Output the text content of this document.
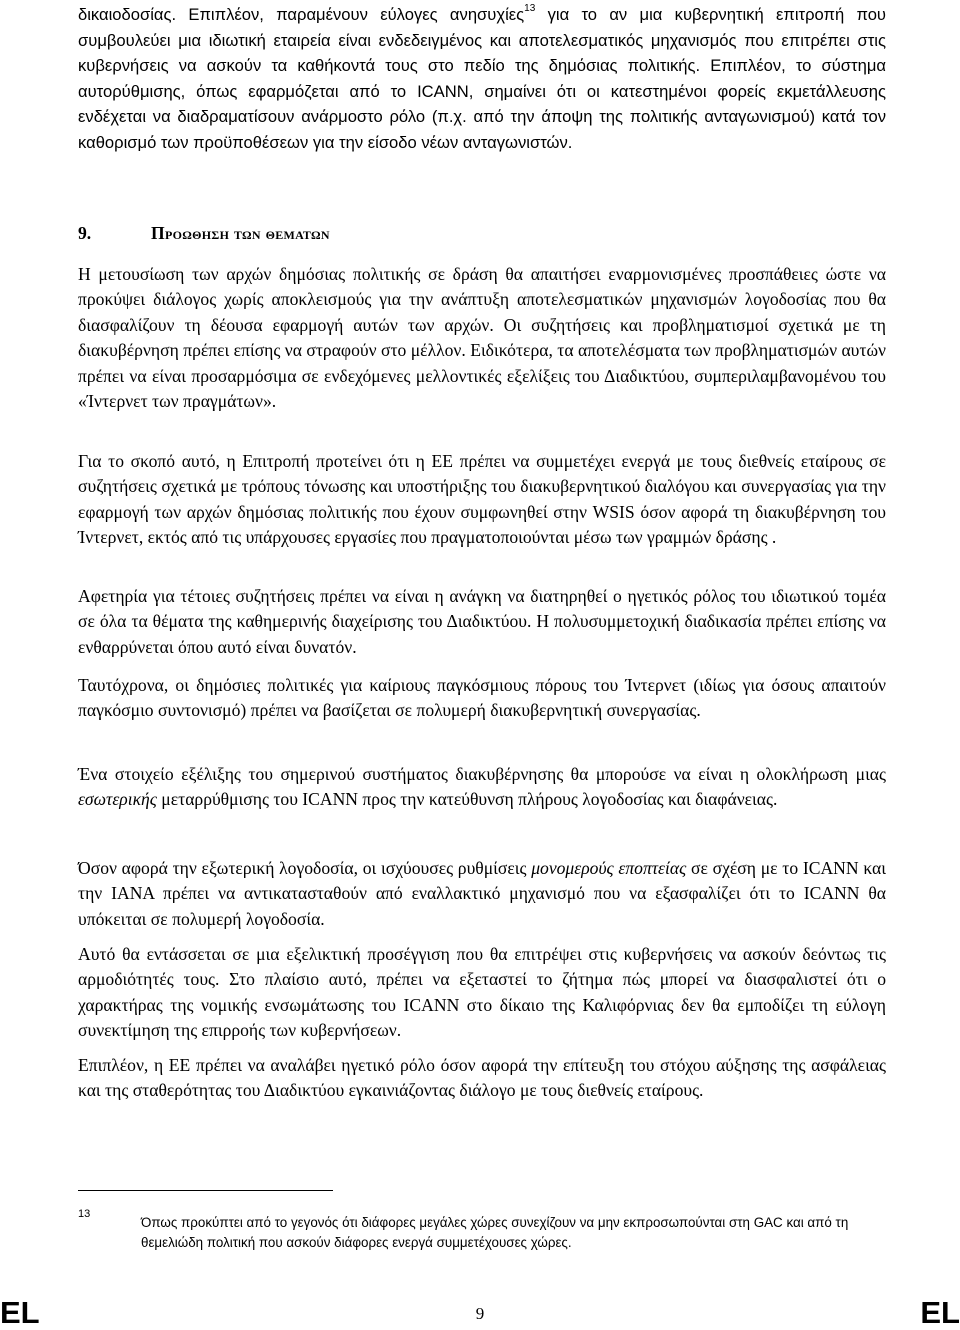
δικαιοδοσίας. Επιπλέον, παραμένουν εύλογες ανησυχίες$^{13}$ για το αν μια κυβερνητική επιτροπή που συμβουλεύει μια ιδιωτική εταιρεία είναι ενδεδειγμένος και αποτελεσματικός μηχανισμός που επιτρέπει στις κυβερνήσεις να ασκούν τα καθήκοντά τους στο πεδίο της δημόσιας πολιτικής. Επιπλέον, το σύστημα αυτορύθμισης, όπως εφαρμόζεται από το ICANN, σημαίνει ότι οι κατεστημένοι φορείς εκμετάλλευσης ενδέχεται να διαδραματίσουν ανάρμοστο ρόλο (π.χ. από την άποψη της πολιτικής ανταγωνισμού) κατά τον καθορισμό των προϋποθέσεων για την είσοδο νέων ανταγωνιστών.

9.	Προωθηση των θεματων

Η μετουσίωση των αρχών δημόσιας πολιτικής σε δράση θα απαιτήσει εναρμονισμένες προσπάθειες ώστε να προκύψει διάλογος χωρίς αποκλεισμούς για την ανάπτυξη αποτελεσματικών μηχανισμών λογοδοσίας που θα διασφαλίζουν τη δέουσα εφαρμογή αυτών των αρχών. Οι συζητήσεις και προβληματισμοί σχετικά με τη διακυβέρνηση πρέπει επίσης να στραφούν στο μέλλον. Ειδικότερα, τα αποτελέσματα των προβληματισμών αυτών πρέπει να είναι προσαρμόσιμα σε ενδεχόμενες μελλοντικές εξελίξεις του Διαδικτύου, συμπεριλαμβανομένου του «Ίντερνετ των πραγμάτων».

Για το σκοπό αυτό, η Επιτροπή προτείνει ότι η ΕΕ πρέπει να συμμετέχει ενεργά με τους διεθνείς εταίρους σε συζητήσεις σχετικά με τρόπους τόνωσης και υποστήριξης του διακυβερνητικού διαλόγου και συνεργασίας για την εφαρμογή των αρχών δημόσιας πολιτικής που έχουν συμφωνηθεί στην WSIS όσον αφορά τη διακυβέρνηση του Ίντερνετ, εκτός από τις υπάρχουσες εργασίες που πραγματοποιούνται μέσω των γραμμών δράσης .

Αφετηρία για τέτοιες συζητήσεις πρέπει να είναι η ανάγκη να διατηρηθεί ο ηγετικός ρόλος του ιδιωτικού τομέα σε όλα τα θέματα της καθημερινής διαχείρισης του Διαδικτύου. Η πολυσυμμετοχική διαδικασία πρέπει επίσης να ενθαρρύνεται όπου αυτό είναι δυνατόν.

Ταυτόχρονα, οι δημόσιες πολιτικές για καίριους παγκόσμιους πόρους του Ίντερνετ (ιδίως για όσους απαιτούν παγκόσμιο συντονισμό) πρέπει να βασίζεται σε πολυμερή διακυβερνητική συνεργασίας.

Ένα στοιχείο εξέλιξης του σημερινού συστήματος διακυβέρνησης θα μπορούσε να είναι η ολοκλήρωση μιας εσωτερικής μεταρρύθμισης του ICANN προς την κατεύθυνση πλήρους λογοδοσίας και διαφάνειας.

Όσον αφορά την εξωτερική λογοδοσία, οι ισχύουσες ρυθμίσεις μονομερούς εποπτείας σε σχέση με το ICANN και την IANA πρέπει να αντικατασταθούν από εναλλακτικό μηχανισμό που να εξασφαλίζει ότι το ICANN θα υπόκειται σε πολυμερή λογοδοσία.

Αυτό θα εντάσσεται σε μια εξελικτική προσέγγιση που θα επιτρέψει στις κυβερνήσεις να ασκούν δεόντως τις αρμοδιότητές τους. Στο πλαίσιο αυτό, πρέπει να εξεταστεί το ζήτημα πώς μπορεί να διασφαλιστεί ότι ο χαρακτήρας της νομικής ενσωμάτωσης του ICANN στο δίκαιο της Καλιφόρνιας δεν θα εμποδίζει τη εύλογη συνεκτίμηση της επιρροής των κυβερνήσεων.

Επιπλέον, η ΕΕ πρέπει να αναλάβει ηγετικό ρόλο όσον αφορά την επίτευξη του στόχου αύξησης της ασφάλειας και της σταθερότητας του Διαδικτύου εγκαινιάζοντας διάλογο με τους διεθνείς εταίρους.

13

Όπως προκύπτει από το γεγονός ότι διάφορες μεγάλες χώρες συνεχίζουν να μην εκπροσωπούνται στη GAC και από τη θεμελιώδη πολιτική που ασκούν διάφορες ενεργά συμμετέχουσες χώρες.

EL	9	EL
